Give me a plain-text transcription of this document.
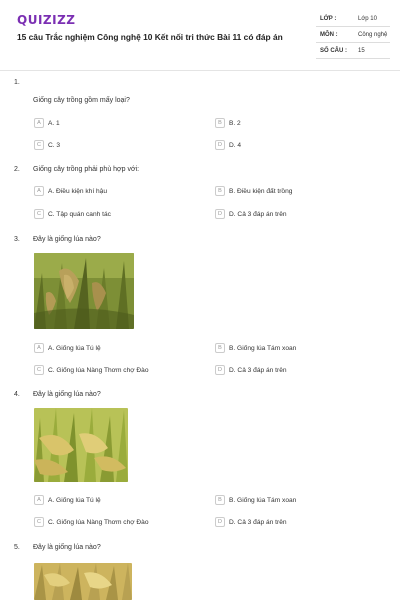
QUIZIZZ
15 câu Trắc nghiệm Công nghệ 10 Kết nối tri thức Bài 11 có đáp án
LỚP :	Lớp 10
MÔN :	Công nghệ
SỐ CÂU :	15
1.
Giống cây trồng gồm mấy loại?
A	A. 1	B	B. 2
C	C. 3	D	D. 4
2. Giống cây trồng phải phù hợp với:
A	A. Điều kiện khí hậu	B	B. Điều kiện đất trồng
C	C. Tập quán canh tác	D	D. Cả 3 đáp án trên
3. Đây là giống lúa nào?
A	A. Giống lúa Tú lệ	B	B. Giống lúa Tám xoan
C	C. Giống lúa Nàng Thơm chợ Đào	D	D. Cả 3 đáp án trên
4. Đây là giống lúa nào?
A	A. Giống lúa Tú lệ	B	B. Giống lúa Tám xoan
C	C. Giống lúa Nàng Thơm chợ Đào	D	D. Cả 3 đáp án trên
5. Đây là giống lúa nào?
